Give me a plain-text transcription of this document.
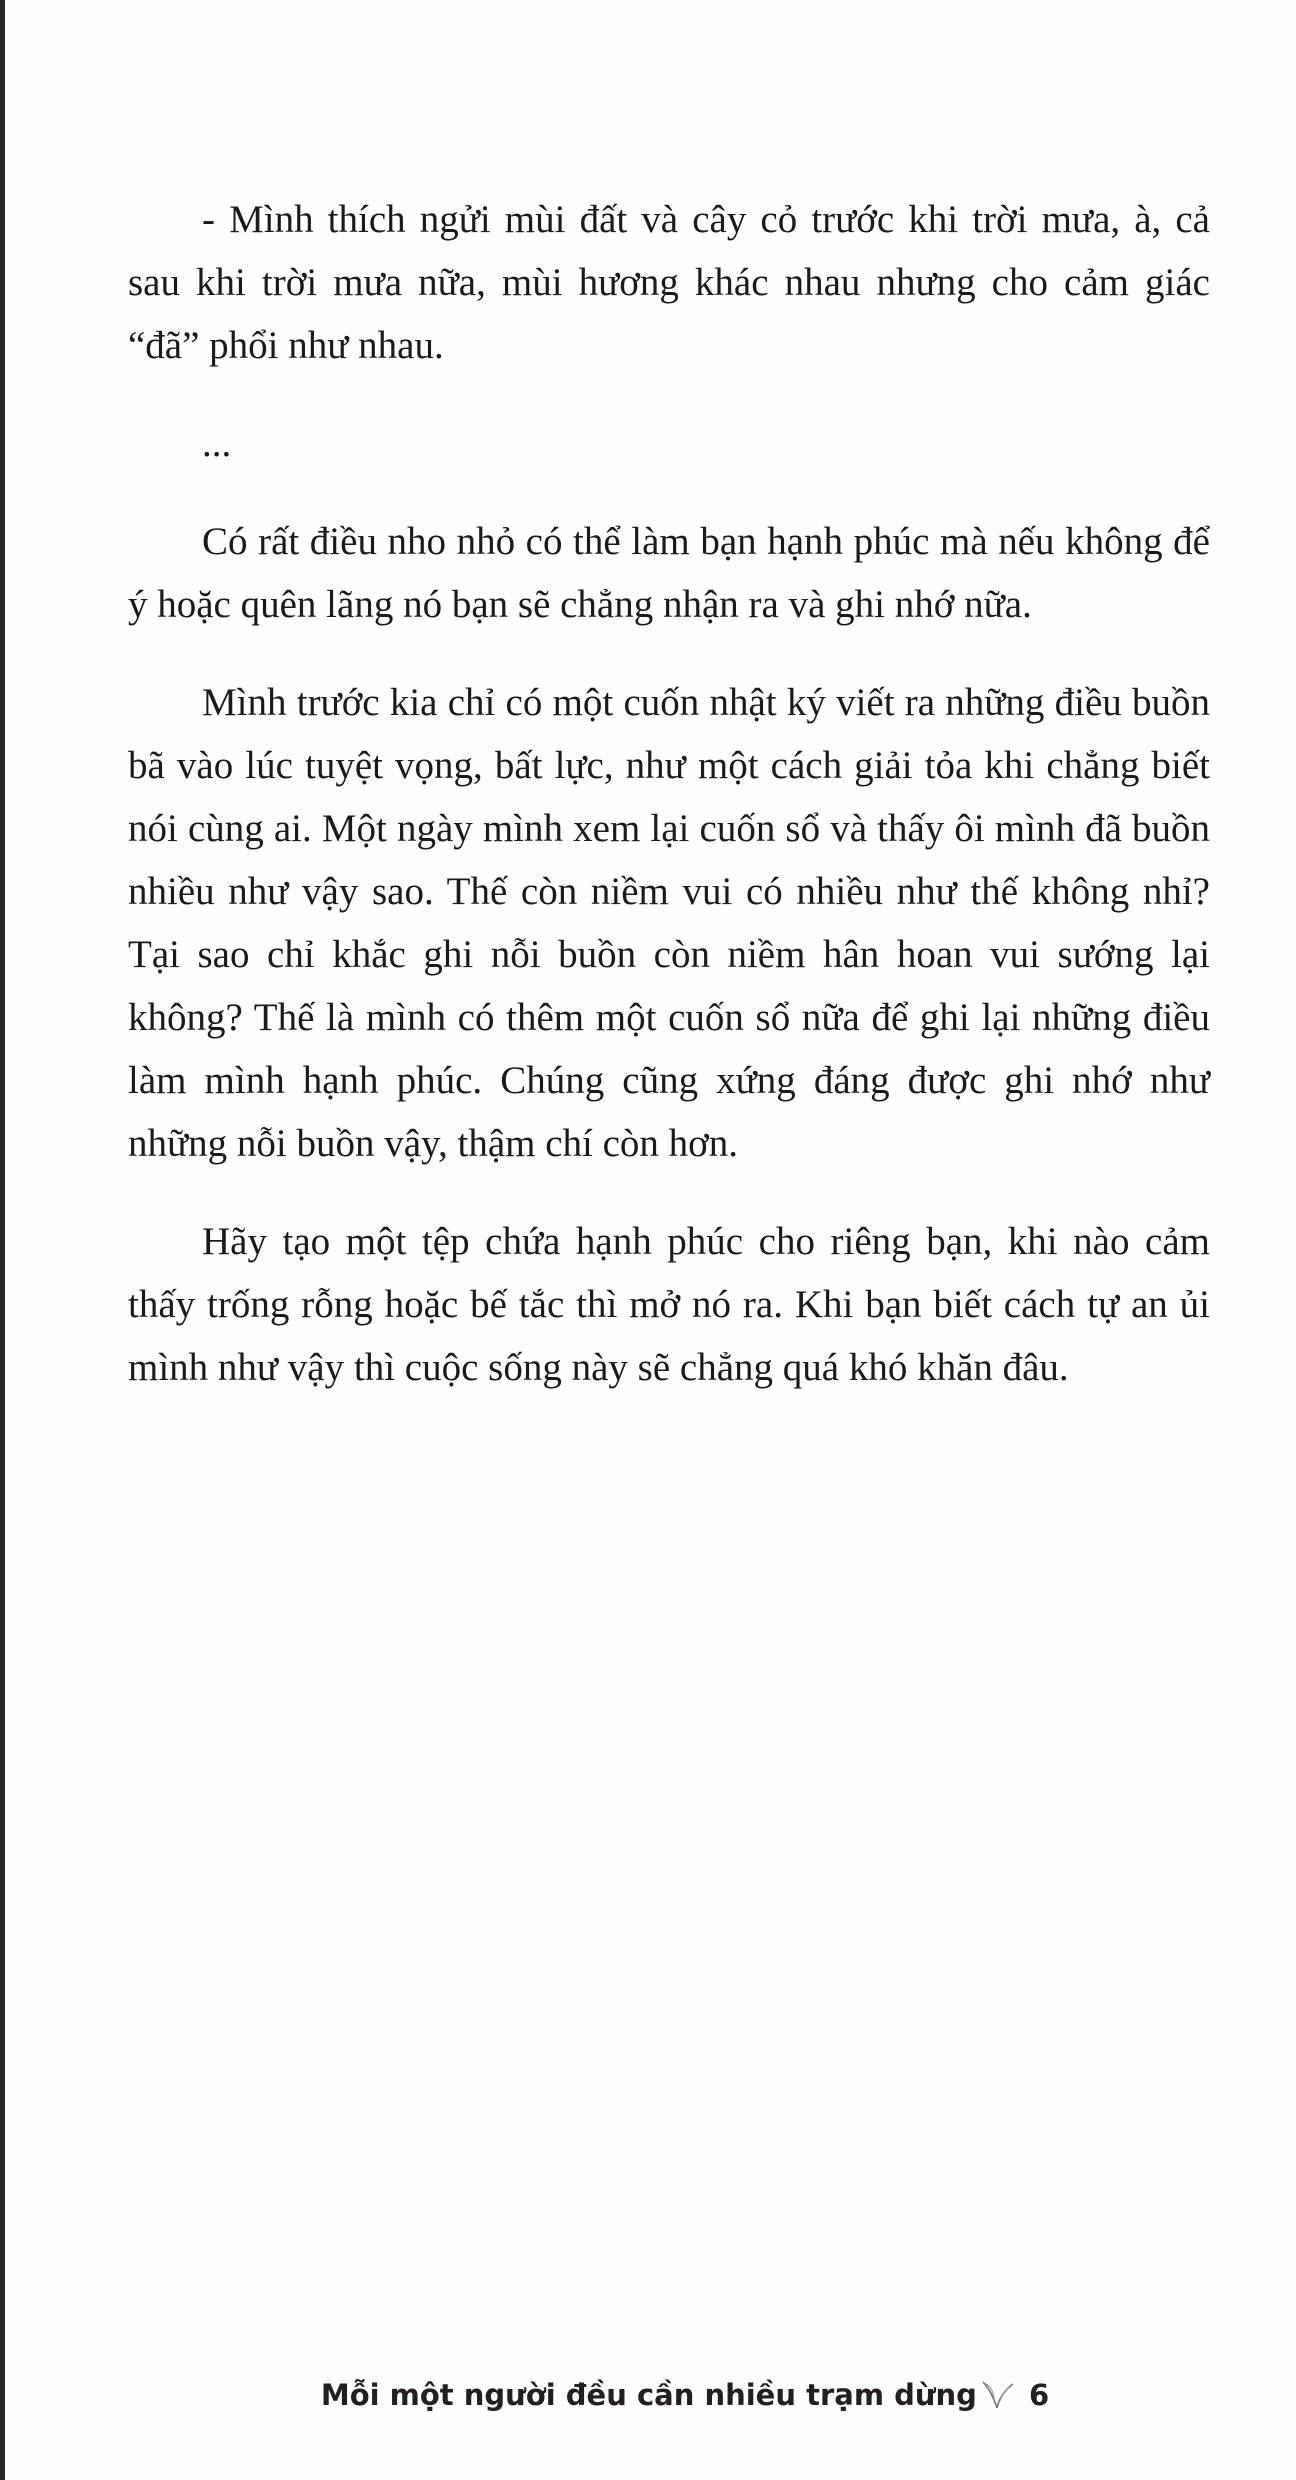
- Mình thích ngửi mùi đất và cây cỏ trước khi trời mưa, à, cả sau khi trời mưa nữa, mùi hương khác nhau nhưng cho cảm giác “đã” phổi như nhau.

...

Có rất điều nho nhỏ có thể làm bạn hạnh phúc mà nếu không để ý hoặc quên lãng nó bạn sẽ chẳng nhận ra và ghi nhớ nữa.

Mình trước kia chỉ có một cuốn nhật ký viết ra những điều buồn bã vào lúc tuyệt vọng, bất lực, như một cách giải tỏa khi chẳng biết nói cùng ai. Một ngày mình xem lại cuốn sổ và thấy ôi mình đã buồn nhiều như vậy sao. Thế còn niềm vui có nhiều như thế không nhỉ? Tại sao chỉ khắc ghi nỗi buồn còn niềm hân hoan vui sướng lại không? Thế là mình có thêm một cuốn sổ nữa để ghi lại những điều làm mình hạnh phúc. Chúng cũng xứng đáng được ghi nhớ như những nỗi buồn vậy, thậm chí còn hơn.

Hãy tạo một tệp chứa hạnh phúc cho riêng bạn, khi nào cảm thấy trống rỗng hoặc bế tắc thì mở nó ra. Khi bạn biết cách tự an ủi mình như vậy thì cuộc sống này sẽ chẳng quá khó khăn đâu.

Mỗi một người đều cần nhiều trạm dừng 6
